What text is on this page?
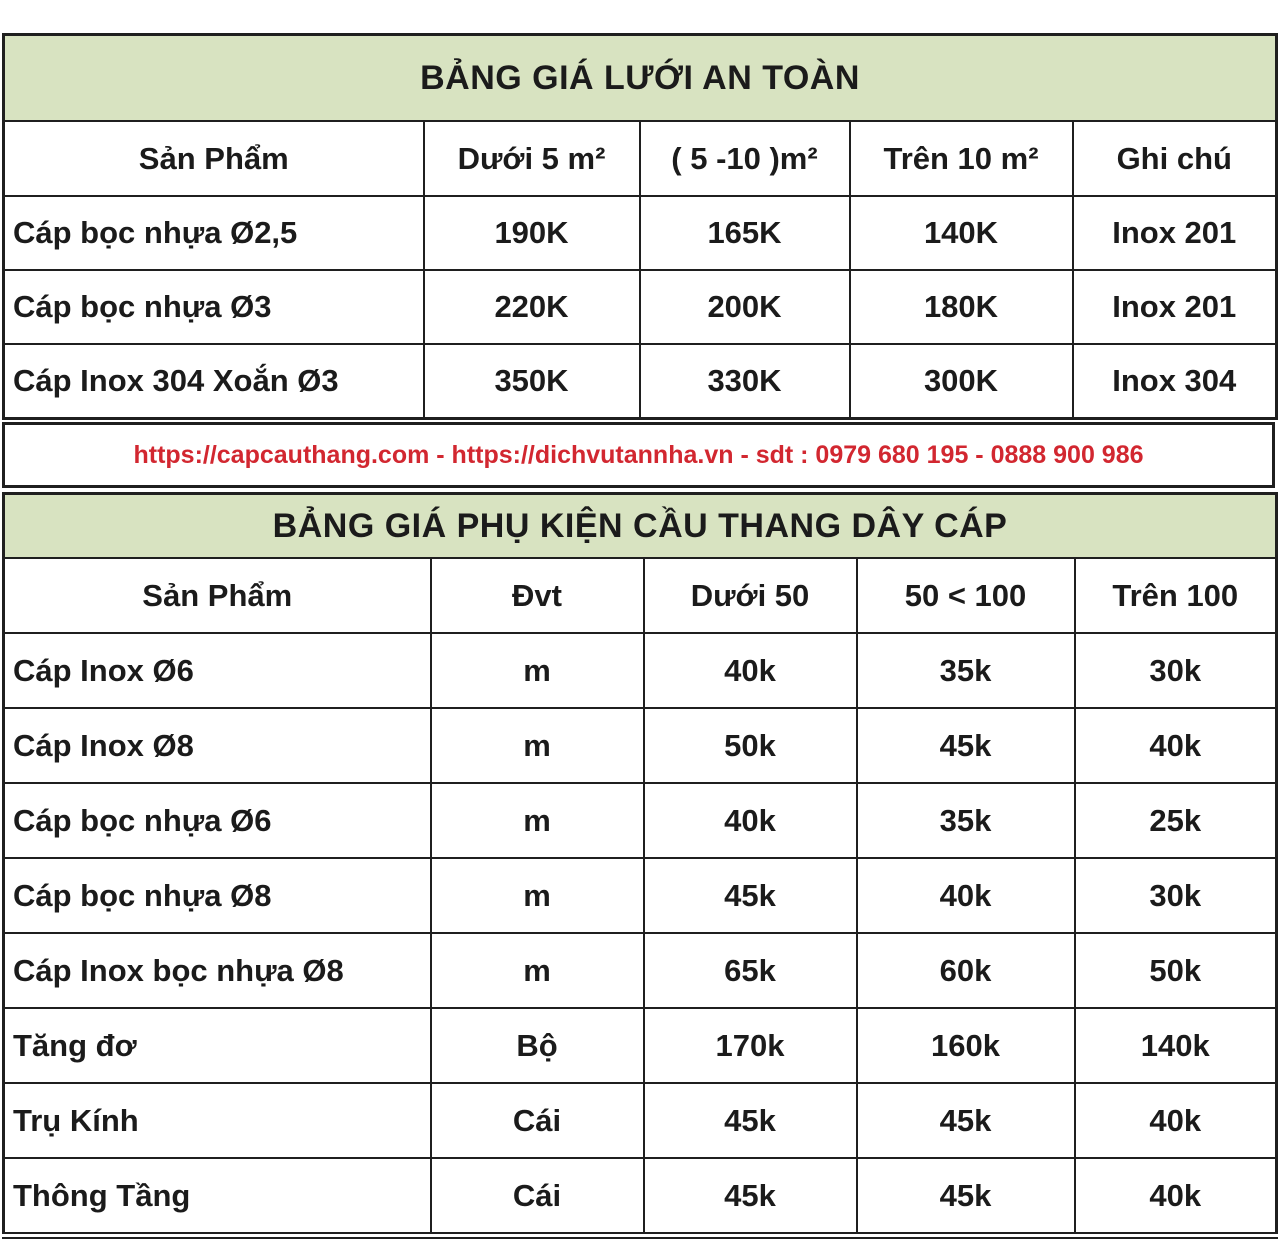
BẢNG GIÁ LƯỚI AN TOÀN				
Sản Phẩm	Dưới 5 m²	( 5 -10 )m²	Trên 10 m²	Ghi chú
Cáp bọc nhựa Ø2,5	190K	165K	140K	Inox 201
Cáp bọc nhựa Ø3	220K	200K	180K	Inox 201
Cáp Inox 304 Xoắn Ø3	350K	330K	300K	Inox 304
https://capcauthang.com - https://dichvutannha.vn - sdt : 0979 680 195 - 0888 900 986
BẢNG GIÁ PHỤ KIỆN CẦU THANG DÂY CÁP				
Sản Phẩm	Đvt	Dưới 50	50 < 100	Trên 100
Cáp Inox Ø6	m	40k	35k	30k
Cáp Inox Ø8	m	50k	45k	40k
Cáp bọc nhựa Ø6	m	40k	35k	25k
Cáp bọc nhựa Ø8	m	45k	40k	30k
Cáp Inox bọc nhựa Ø8	m	65k	60k	50k
Tăng đơ	Bộ	170k	160k	140k
Trụ Kính	Cái	45k	45k	40k
Thông Tầng	Cái	45k	45k	40k
